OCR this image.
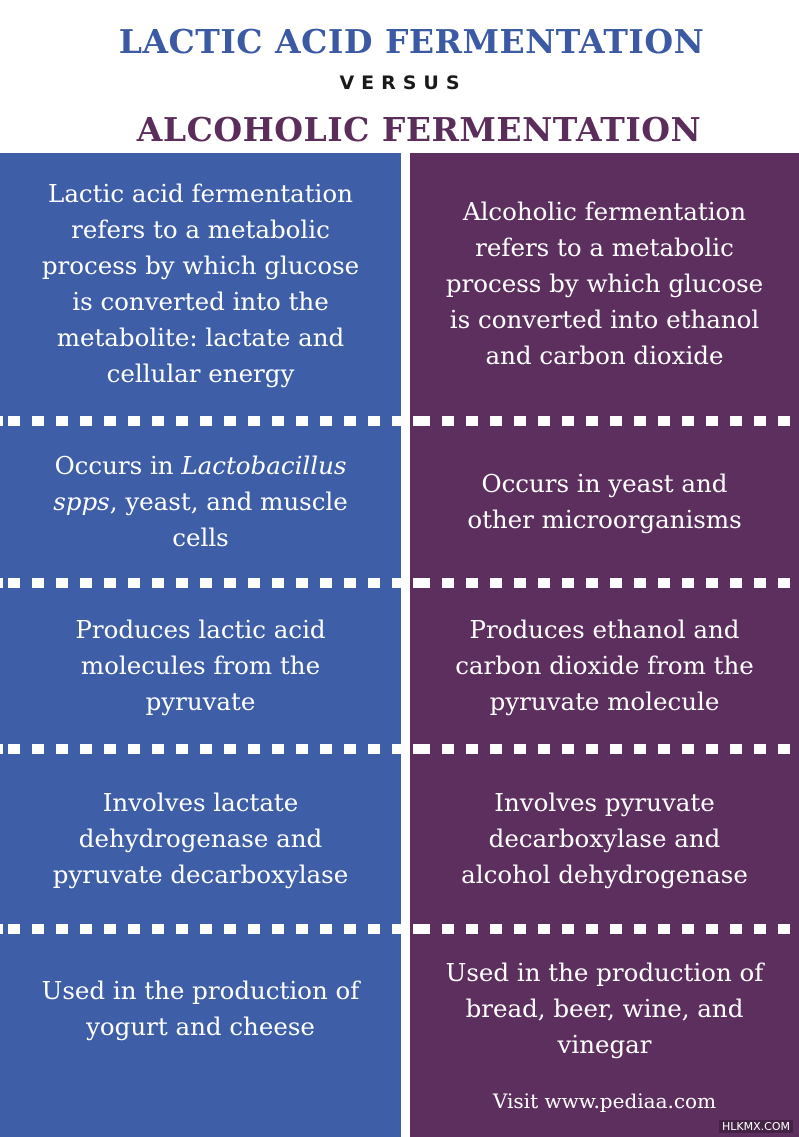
LACTIC ACID FERMENTATION
VERSUS
ALCOHOLIC FERMENTATION
Lactic acid fermentation
refers to a metabolic
process by which glucose
is converted into the
metabolite: lactate and
cellular energy
Occurs in Lactobacillus
spps, yeast, and muscle
cells
Produces lactic acid
molecules from the
pyruvate
Involves lactate
dehydrogenase and
pyruvate decarboxylase
Used in the production of
yogurt and cheese
Alcoholic fermentation
refers to a metabolic
process by which glucose
is converted into ethanol
and carbon dioxide
Occurs in yeast and
other microorganisms
Produces ethanol and
carbon dioxide from the
pyruvate molecule
Involves pyruvate
decarboxylase and
alcohol dehydrogenase
Used in the production of
bread, beer, wine, and
vinegar
Visit www.pediaa.com
HLKMX.COM
